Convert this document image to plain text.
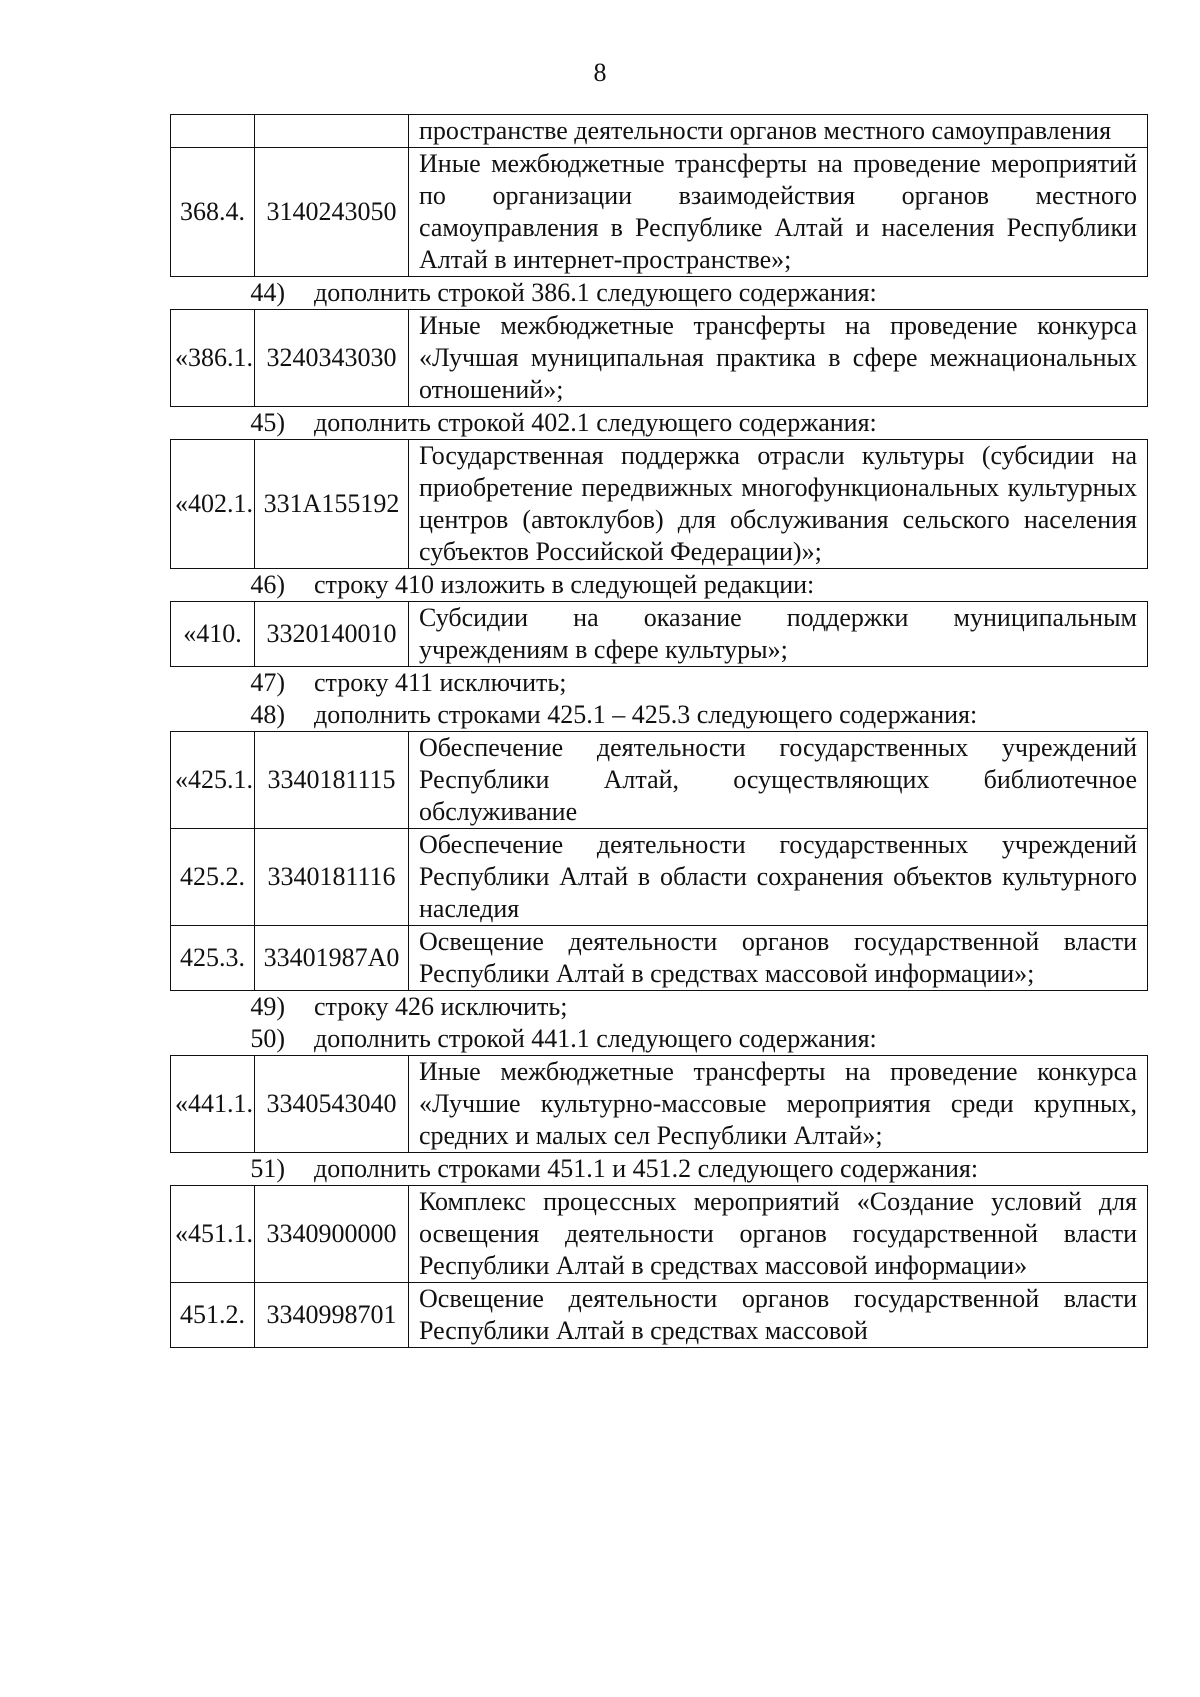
8
		пространстве деятельности органов местного самоуправления
368.4.	3140243050	Иные межбюджетные трансферты на проведение мероприятий по организации взаимодействия органов местного самоуправления в Республике Алтай и населения Республики Алтай в интернет-пространстве»;
44) дополнить строкой 386.1 следующего содержания:
«386.1.	3240343030	Иные межбюджетные трансферты на проведение конкурса «Лучшая муниципальная практика в сфере межнациональных отношений»;
45) дополнить строкой 402.1 следующего содержания:
«402.1.	331A155192	Государственная поддержка отрасли культуры (субсидии на приобретение передвижных многофункциональных культурных центров (автоклубов) для обслуживания сельского населения субъектов Российской Федерации)»;
46) строку 410 изложить в следующей редакции:
«410.	3320140010	Субсидии на оказание поддержки муниципальным учреждениям в сфере культуры»;
47) строку 411 исключить;
48) дополнить строками 425.1 – 425.3 следующего содержания:
«425.1.	3340181115	Обеспечение деятельности государственных учреждений Республики Алтай, осуществляющих библиотечное обслуживание
425.2.	3340181116	Обеспечение деятельности государственных учреждений Республики Алтай в области сохранения объектов культурного наследия
425.3.	33401987А0	Освещение деятельности органов государственной власти Республики Алтай в средствах массовой информации»;
49) строку 426 исключить;
50) дополнить строкой 441.1 следующего содержания:
«441.1.	3340543040	Иные межбюджетные трансферты на проведение конкурса «Лучшие культурно-массовые мероприятия среди крупных, средних и малых сел Республики Алтай»;
51) дополнить строками 451.1 и 451.2 следующего содержания:
«451.1.	3340900000	Комплекс процессных мероприятий «Создание условий для освещения деятельности органов государственной власти Республики Алтай в средствах массовой информации»
451.2.	3340998701	Освещение деятельности органов государственной власти Республики Алтай в средствах массовой
